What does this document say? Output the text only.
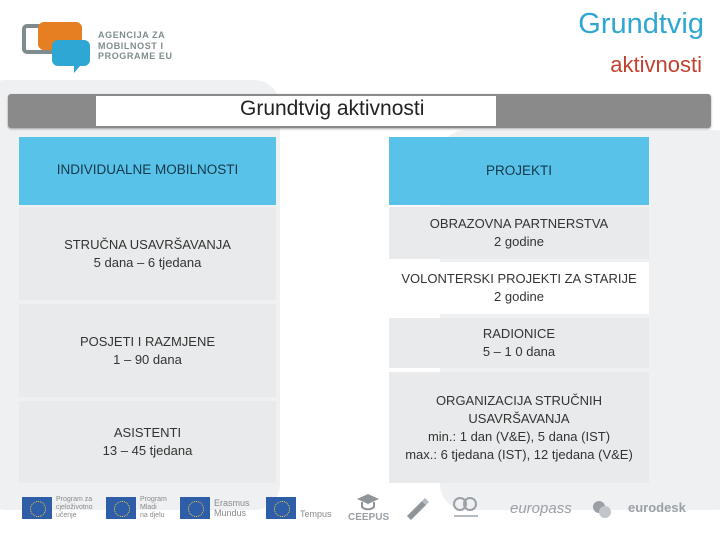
AGENCIJA ZA
MOBILNOST I
PROGRAME EU
Grundtvig
aktivnosti
Grundtvig aktivnosti
INDIVIDUALNE MOBILNOSTI
STRUČNA USAVRŠAVANJA
5 dana – 6 tjedana
POSJETI I RAZMJENE
1 – 90 dana
ASISTENTI
13 – 45 tjedana
PROJEKTI
OBRAZOVNA PARTNERSTVA
2 godine
VOLONTERSKI PROJEKTI ZA STARIJE
2 godine
RADIONICE
5 – 1 0 dana
ORGANIZACIJA STRUČNIH USAVRŠAVANJA
min.: 1 dan (V&E), 5 dana (IST)
max.: 6 tjedana (IST), 12 tjedana (V&E)
Program za
cjeloživotno
učenje
Program
Mladi
na djelu
Erasmus
Mundus	Tempus CEEPUS
europass	eurodesk
